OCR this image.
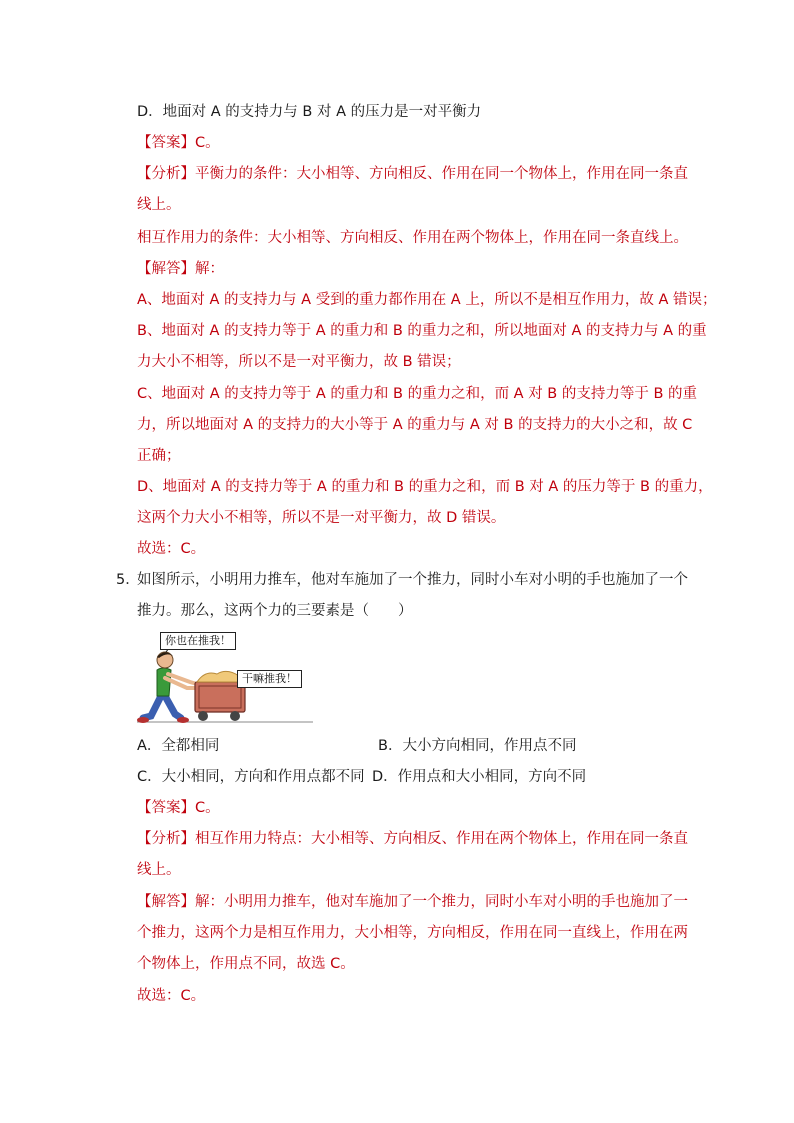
D．地面对 A 的支持力与 B 对 A 的压力是一对平衡力
【答案】C。
【分析】平衡力的条件：大小相等、方向相反、作用在同一个物体上，作用在同一条直
线上。
相互作用力的条件：大小相等、方向相反、作用在两个物体上，作用在同一条直线上。
【解答】解：
A、地面对 A 的支持力与 A 受到的重力都作用在 A 上，所以不是相互作用力，故 A 错误；
B、地面对 A 的支持力等于 A 的重力和 B 的重力之和，所以地面对 A 的支持力与 A 的重
力大小不相等，所以不是一对平衡力，故 B 错误；
C、地面对 A 的支持力等于 A 的重力和 B 的重力之和，而 A 对 B 的支持力等于 B 的重
力，所以地面对 A 的支持力的大小等于 A 的重力与 A 对 B 的支持力的大小之和，故 C
正确；
D、地面对 A 的支持力等于 A 的重力和 B 的重力之和，而 B 对 A 的压力等于 B 的重力，
这两个力大小不相等，所以不是一对平衡力，故 D 错误。
故选：C。
5．
如图所示，小明用力推车，他对车施加了一个推力，同时小车对小明的手也施加了一个
推力。那么，这两个力的三要素是（　　）
你也在推我！
干嘛推我！
A．全都相同	B．大小方向相同，作用点不同
C．大小相同，方向和作用点都不同 D．作用点和大小相同，方向不同
【答案】C。
【分析】相互作用力特点：大小相等、方向相反、作用在两个物体上，作用在同一条直
线上。
【解答】解：小明用力推车，他对车施加了一个推力，同时小车对小明的手也施加了一
个推力，这两个力是相互作用力，大小相等，方向相反，作用在同一直线上，作用在两
个物体上，作用点不同，故选 C。
故选：C。
